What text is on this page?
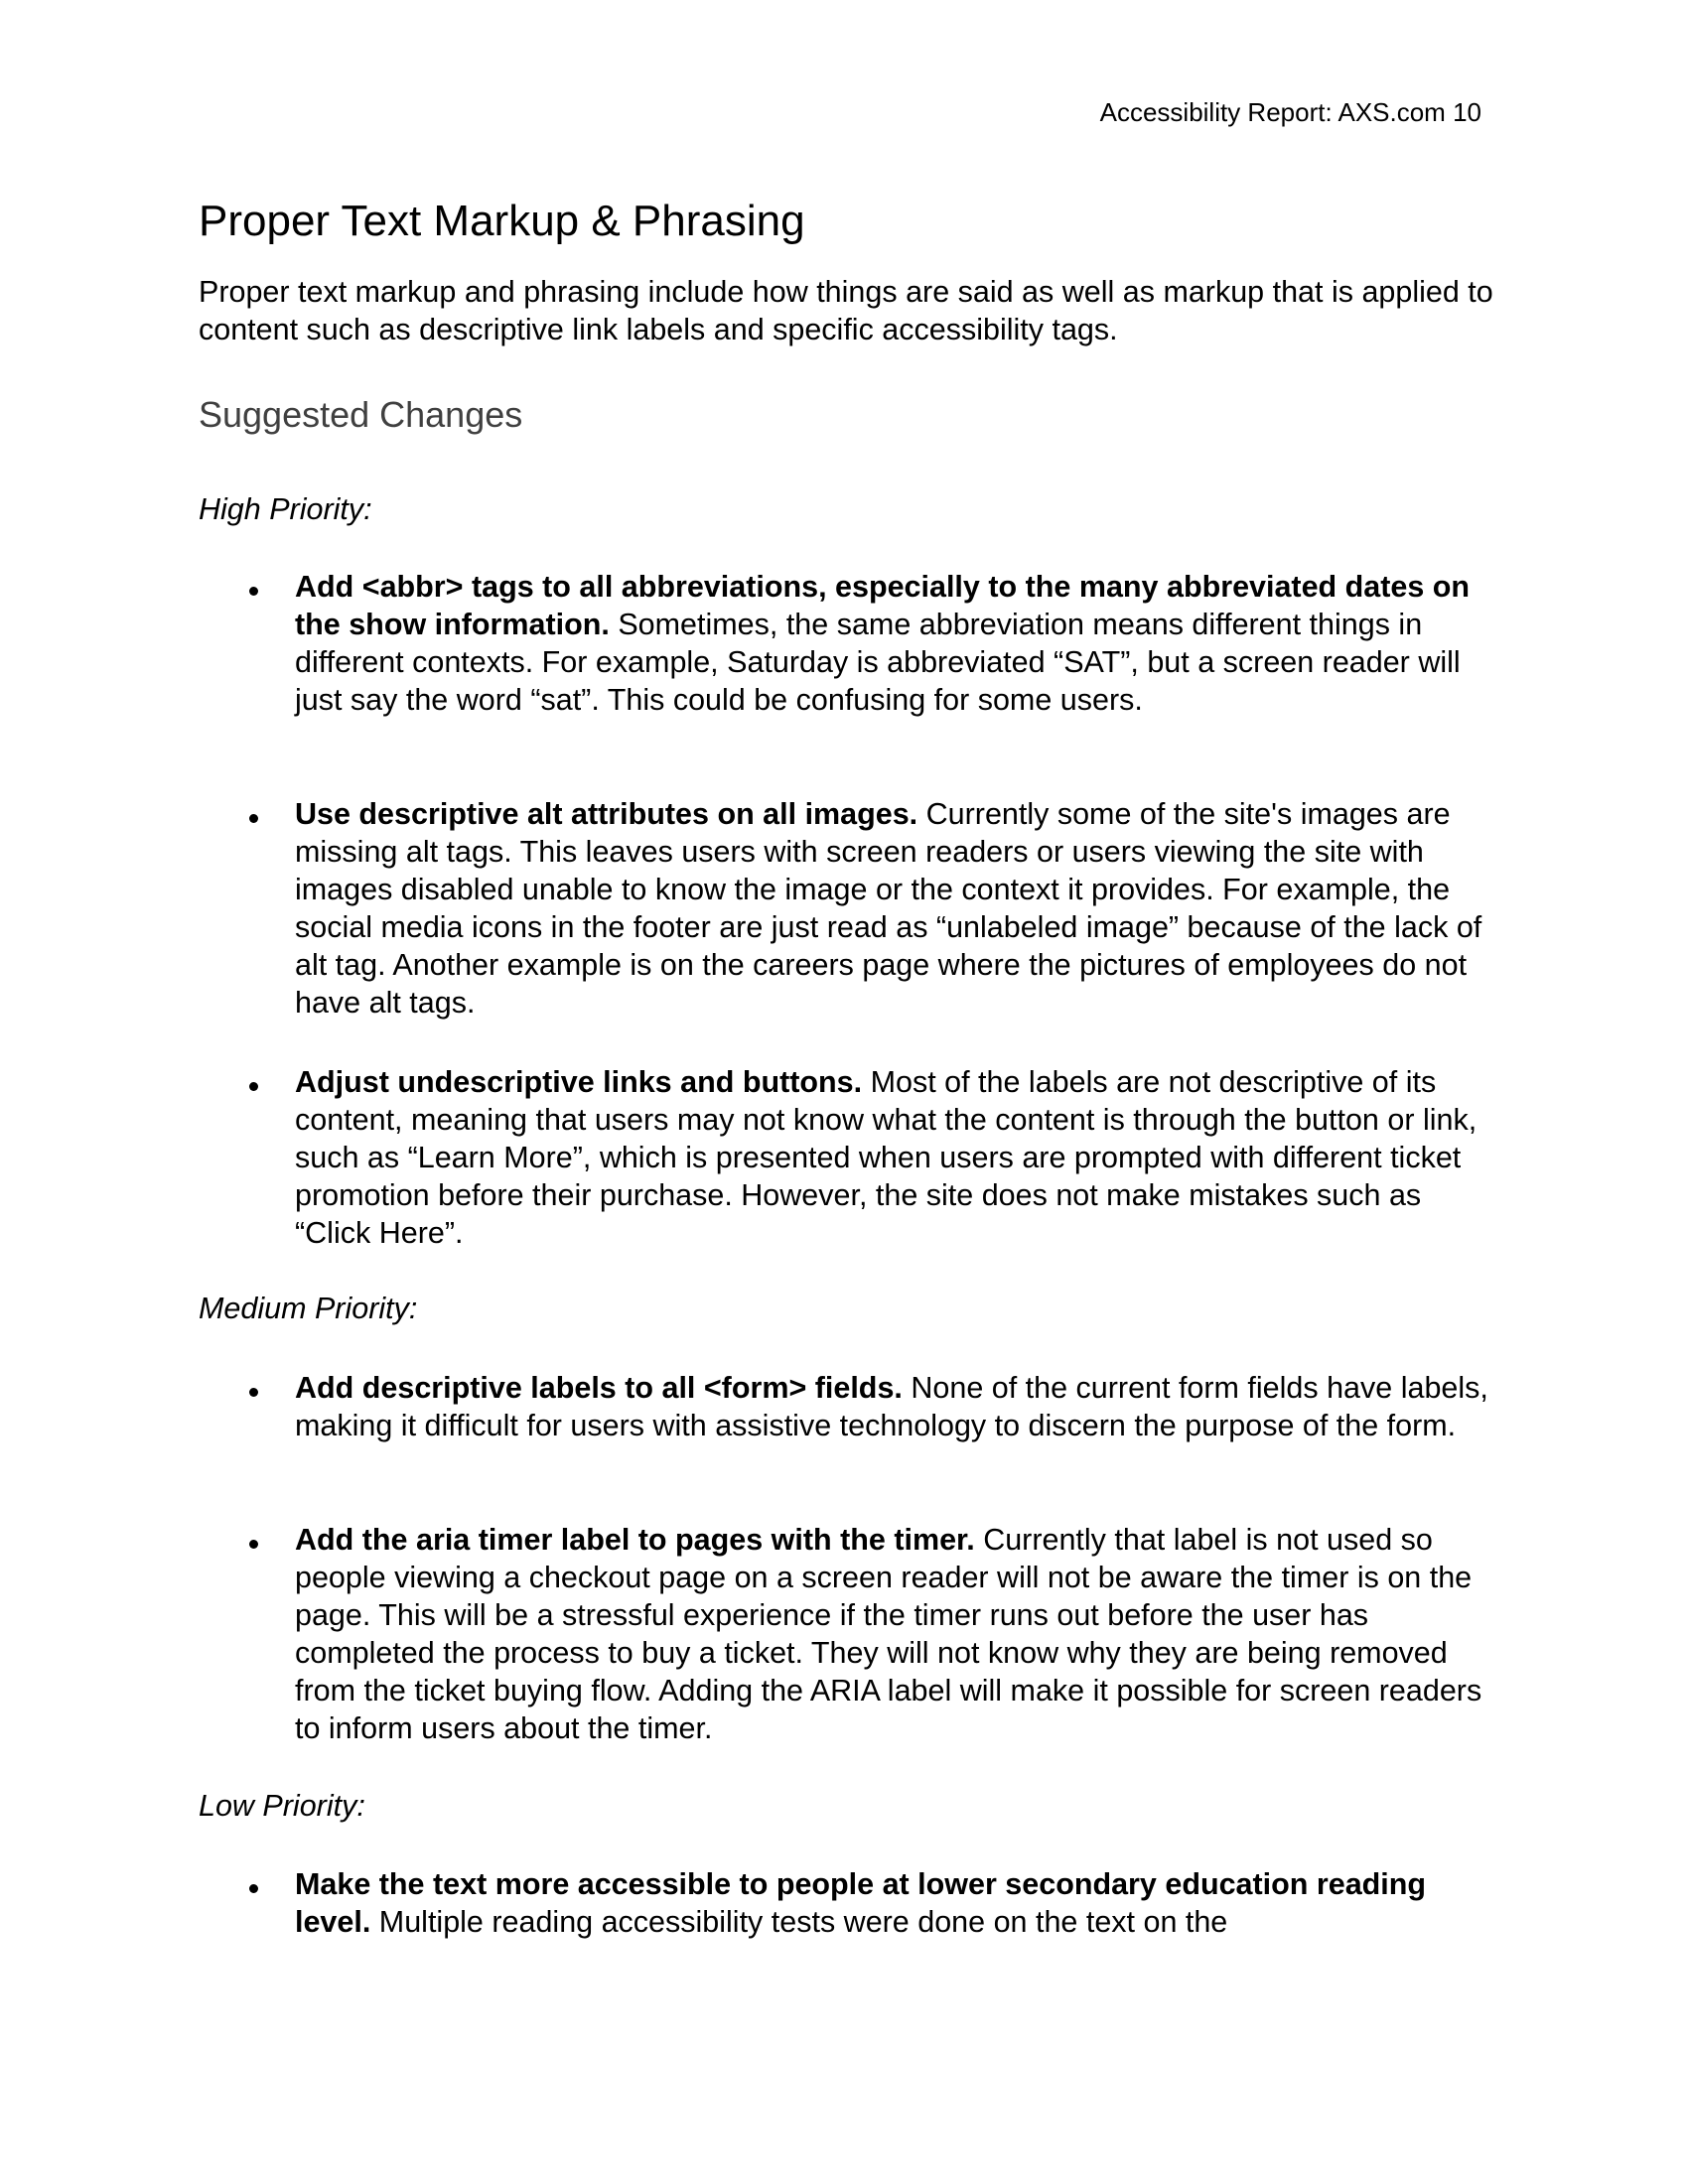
Accessibility Report: AXS.com 10
Proper Text Markup & Phrasing

Proper text markup and phrasing include how things are said as well as markup that is applied to content such as descriptive link labels and specific accessibility tags.

Suggested Changes

High Priority:

Add <abbr> tags to all abbreviations, especially to the many abbreviated dates on the show information. Sometimes, the same abbreviation means different things in different contexts. For example, Saturday is abbreviated “SAT”, but a screen reader will just say the word “sat”. This could be confusing for some users.

Use descriptive alt attributes on all images. Currently some of the site's images are missing alt tags. This leaves users with screen readers or users viewing the site with images disabled unable to know the image or the context it provides. For example, the social media icons in the footer are just read as “unlabeled image” because of the lack of alt tag. Another example is on the careers page where the pictures of employees do not have alt tags.

Adjust undescriptive links and buttons. Most of the labels are not descriptive of its content, meaning that users may not know what the content is through the button or link, such as “Learn More”, which is presented when users are prompted with different ticket promotion before their purchase. However, the site does not make mistakes such as “Click Here”.

Medium Priority:

Add descriptive labels to all <form> fields. None of the current form fields have labels, making it difficult for users with assistive technology to discern the purpose of the form.

Add the aria timer label to pages with the timer. Currently that label is not used so people viewing a checkout page on a screen reader will not be aware the timer is on the page. This will be a stressful experience if the timer runs out before the user has completed the process to buy a ticket. They will not know why they are being removed from the ticket buying flow. Adding the ARIA label will make it possible for screen readers to inform users about the timer.

Low Priority:

Make the text more accessible to people at lower secondary education reading level. Multiple reading accessibility tests were done on the text on the
